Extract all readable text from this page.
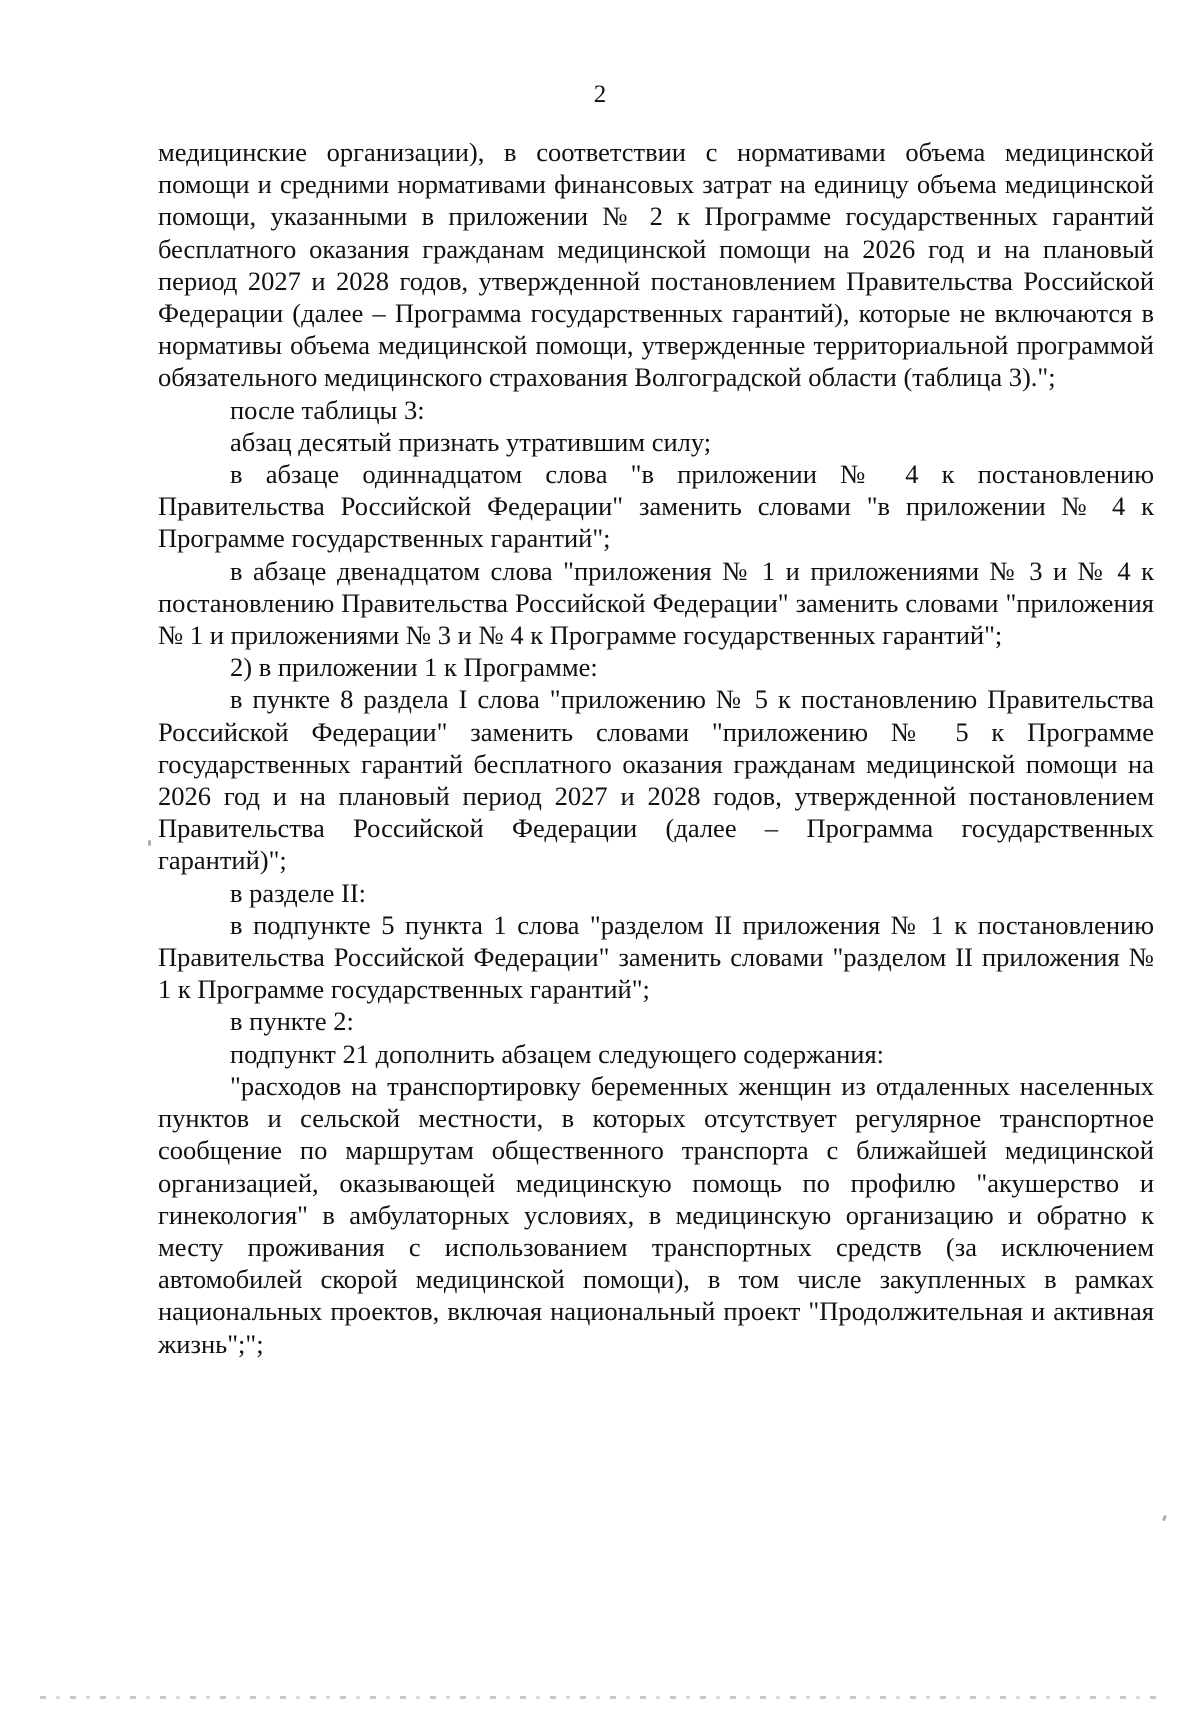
2

медицинские организации), в соответствии с нормативами объема медицинской помощи и средними нормативами финансовых затрат на единицу объема медицинской помощи, указанными в приложении № 2 к Программе государственных гарантий бесплатного оказания гражданам медицинской помощи на 2026 год и на плановый период 2027 и 2028 годов, утвержденной постановлением Правительства Российской Федерации (далее – Программа государственных гарантий), которые не включаются в нормативы объема медицинской помощи, утвержденные территориальной программой обязательного медицинского страхования Волгоградской области (таблица 3).";

после таблицы 3:

абзац десятый признать утратившим силу;

в абзаце одиннадцатом слова "в приложении № 4 к постановлению Правительства Российской Федерации" заменить словами "в приложении № 4 к Программе государственных гарантий";

в абзаце двенадцатом слова "приложения № 1 и приложениями № 3 и № 4 к постановлению Правительства Российской Федерации" заменить словами "приложения № 1 и приложениями № 3 и № 4 к Программе государственных гарантий";

2) в приложении 1 к Программе:

в пункте 8 раздела I слова "приложению № 5 к постановлению Правительства Российской Федерации" заменить словами "приложению № 5 к Программе государственных гарантий бесплатного оказания гражданам медицинской помощи на 2026 год и на плановый период 2027 и 2028 годов, утвержденной постановлением Правительства Российской Федерации (далее – Программа государственных гарантий)";

в разделе II:

в подпункте 5 пункта 1 слова "разделом II приложения № 1 к постановлению Правительства Российской Федерации" заменить словами "разделом II приложения № 1 к Программе государственных гарантий";

в пункте 2:

подпункт 21 дополнить абзацем следующего содержания:

"расходов на транспортировку беременных женщин из отдаленных населенных пунктов и сельской местности, в которых отсутствует регулярное транспортное сообщение по маршрутам общественного транспорта с ближайшей медицинской организацией, оказывающей медицинскую помощь по профилю "акушерство и гинекология" в амбулаторных условиях, в медицинскую организацию и обратно к месту проживания с использованием транспортных средств (за исключением автомобилей скорой медицинской помощи), в том числе закупленных в рамках национальных проектов, включая национальный проект "Продолжительная и активная жизнь";";
